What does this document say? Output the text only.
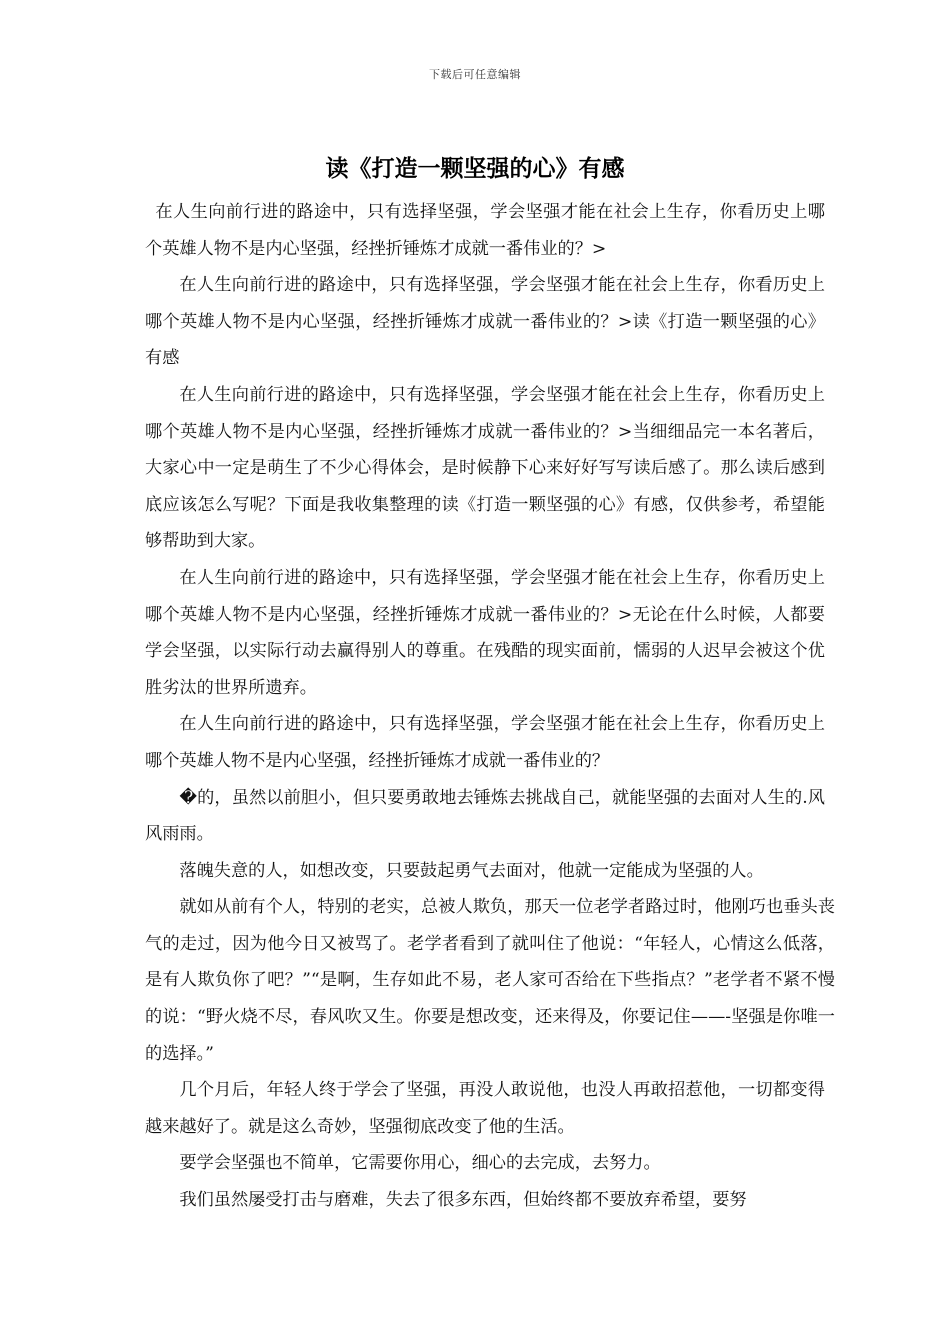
下载后可任意编辑
读《打造一颗坚强的心》有感

在人生向前行进的路途中，只有选择坚强，学会坚强才能在社会上生存，你看历史上哪个英雄人物不是内心坚强，经挫折锤炼才成就一番伟业的？>

在人生向前行进的路途中，只有选择坚强，学会坚强才能在社会上生存，你看历史上哪个英雄人物不是内心坚强，经挫折锤炼才成就一番伟业的？>读《打造一颗坚强的心》有感

在人生向前行进的路途中，只有选择坚强，学会坚强才能在社会上生存，你看历史上哪个英雄人物不是内心坚强，经挫折锤炼才成就一番伟业的？>当细细品完一本名著后，大家心中一定是萌生了不少心得体会，是时候静下心来好好写写读后感了。那么读后感到底应该怎么写呢？下面是我收集整理的读《打造一颗坚强的心》有感，仅供参考，希望能够帮助到大家。

在人生向前行进的路途中，只有选择坚强，学会坚强才能在社会上生存，你看历史上哪个英雄人物不是内心坚强，经挫折锤炼才成就一番伟业的？>无论在什么时候，人都要学会坚强，以实际行动去赢得别人的尊重。在残酷的现实面前，懦弱的人迟早会被这个优胜劣汰的世界所遗弃。

在人生向前行进的路途中，只有选择坚强，学会坚强才能在社会上生存，你看历史上哪个英雄人物不是内心坚强，经挫折锤炼才成就一番伟业的？

�的，虽然以前胆小，但只要勇敢地去锤炼去挑战自己，就能坚强的去面对人生的.风风雨雨。

落魄失意的人，如想改变，只要鼓起勇气去面对，他就一定能成为坚强的人。

就如从前有个人，特别的老实，总被人欺负，那天一位老学者路过时，他刚巧也垂头丧气的走过，因为他今日又被骂了。老学者看到了就叫住了他说：“年轻人，心情这么低落，是有人欺负你了吧？”“是啊，生存如此不易，老人家可否给在下些指点？”老学者不紧不慢的说：“野火烧不尽，春风吹又生。你要是想改变，还来得及，你要记住——-坚强是你唯一的选择。”

几个月后，年轻人终于学会了坚强，再没人敢说他，也没人再敢招惹他，一切都变得越来越好了。就是这么奇妙，坚强彻底改变了他的生活。

要学会坚强也不简单，它需要你用心，细心的去完成，去努力。

我们虽然屡受打击与磨难，失去了很多东西，但始终都不要放弃希望，要努
